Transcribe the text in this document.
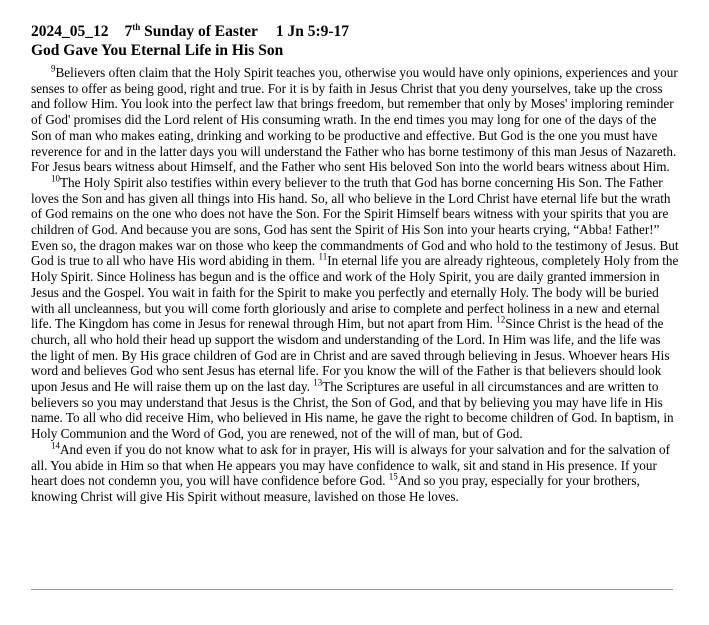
2024_05_12 7th Sunday of Easter 1 Jn 5:9-17
God Gave You Eternal Life in His Son

$^9$Believers often claim that the Holy Spirit teaches you, otherwise you would have only opinions, experiences and your senses to offer as being good, right and true. For it is by faith in Jesus Christ that you deny yourselves, take up the cross and follow Him. You look into the perfect law that brings freedom, but remember that only by Moses' imploring reminder of God' promises did the Lord relent of His consuming wrath. In the end times you may long for one of the days of the Son of man who makes eating, drinking and working to be productive and effective. But God is the one you must have reverence for and in the latter days you will understand the Father who has borne testimony of this man Jesus of Nazareth. For Jesus bears witness about Himself, and the Father who sent His beloved Son into the world bears witness about Him.

$^{10}$The Holy Spirit also testifies within every believer to the truth that God has borne concerning His Son. The Father loves the Son and has given all things into His hand. So, all who believe in the Lord Christ have eternal life but the wrath of God remains on the one who does not have the Son. For the Spirit Himself bears witness with your spirits that you are children of God. And because you are sons, God has sent the Spirit of His Son into your hearts crying, “Abba! Father!” Even so, the dragon makes war on those who keep the commandments of God and who hold to the testimony of Jesus. But God is true to all who have His word abiding in them. $^{11}$In eternal life you are already righteous, completely Holy from the Holy Spirit. Since Holiness has begun and is the office and work of the Holy Spirit, you are daily granted immersion in Jesus and the Gospel. You wait in faith for the Spirit to make you perfectly and eternally Holy. The body will be buried with all uncleanness, but you will come forth gloriously and arise to complete and perfect holiness in a new and eternal life. The Kingdom has come in Jesus for renewal through Him, but not apart from Him. $^{12}$Since Christ is the head of the church, all who hold their head up support the wisdom and understanding of the Lord. In Him was life, and the life was the light of men. By His grace children of God are in Christ and are saved through believing in Jesus. Whoever hears His word and believes God who sent Jesus has eternal life. For you know the will of the Father is that believers should look upon Jesus and He will raise them up on the last day. $^{13}$The Scriptures are useful in all circumstances and are written to believers so you may understand that Jesus is the Christ, the Son of God, and that by believing you may have life in His name. To all who did receive Him, who believed in His name, he gave the right to become children of God. In baptism, in Holy Communion and the Word of God, you are renewed, not of the will of man, but of God.

$^{14}$And even if you do not know what to ask for in prayer, His will is always for your salvation and for the salvation of all. You abide in Him so that when He appears you may have confidence to walk, sit and stand in His presence. If your heart does not condemn you, you will have confidence before God. $^{15}$And so you pray, especially for your brothers, knowing Christ will give His Spirit without measure, lavished on those He loves.
